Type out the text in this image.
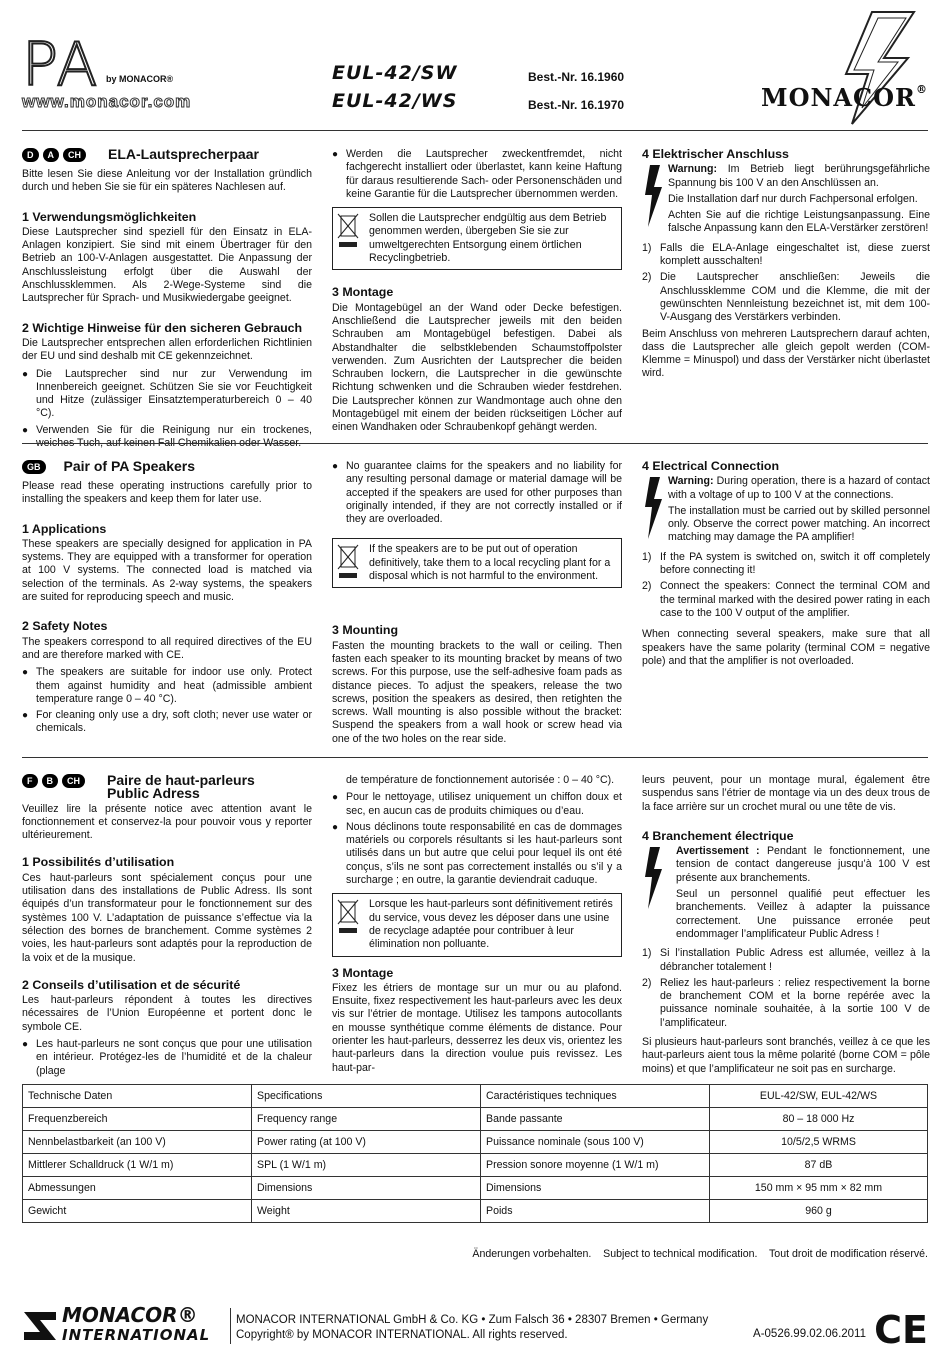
PA by MONACOR®
www.monacor.com
EUL-42/SW	Best.-Nr. 16.1960
EUL-42/WS	Best.-Nr. 16.1970	MONACOR®
D	A	CH	ELA-Lautsprecherpaar

Bitte lesen Sie diese Anleitung vor der Installation gründlich durch und heben Sie sie für ein späteres Nachlesen auf.

1 Verwendungsmöglichkeiten

Diese Lautsprecher sind speziell für den Einsatz in ELA-Anlagen konzipiert. Sie sind mit einem Übertrager für den Betrieb an 100-V-Anlagen ausgestattet. Die Anpassung der Anschlussleistung erfolgt über die Auswahl der Anschlussklemmen. Als 2-Wege-Systeme sind die Lautsprecher für Sprach- und Musikwiedergabe geeignet.

2 Wichtige Hinweise für den sicheren Gebrauch

Die Lautsprecher entsprechen allen erforderlichen Richtlinien der EU und sind deshalb mit CE gekennzeichnet.

● Die Lautsprecher sind nur zur Verwendung im Innenbereich geeignet. Schützen Sie sie vor Feuchtigkeit und Hitze (zulässiger Einsatztemperaturbereich 0 – 40 °C).
● Verwenden Sie für die Reinigung nur ein trockenes, weiches Tuch, auf keinen Fall Chemikalien oder Wasser.
● Werden die Lautsprecher zweckentfremdet, nicht fachgerecht installiert oder überlastet, kann keine Haftung für daraus resultierende Sach- oder Personenschäden und keine Garantie für die Lautsprecher übernommen werden.
Sollen die Lautsprecher endgültig aus dem Betrieb genommen werden, übergeben Sie sie zur umweltgerechten Entsorgung einem örtlichen Recyclingbetrieb.
3 Montage

Die Montagebügel an der Wand oder Decke befestigen. Anschließend die Lautsprecher jeweils mit den beiden Schrauben am Montagebügel befestigen. Dabei als Abstandhalter die selbstklebenden Schaumstoffpolster verwenden. Zum Ausrichten der Lautsprecher die beiden Schrauben lockern, die Lautsprecher in die gewünschte Richtung schwenken und die Schrauben wieder festdrehen. Die Lautsprecher können zur Wandmontage auch ohne den Montagebügel mit einem der beiden rückseitigen Löcher auf einen Wandhaken oder Schraubenkopf gehängt werden.

4 Elektrischer Anschluss

Warnung: Im Betrieb liegt berührungsgefährliche Spannung bis 100 V an den Anschlüssen an.

Die Installation darf nur durch Fachpersonal erfolgen.

Achten Sie auf die richtige Leistungsanpassung. Eine falsche Anpassung kann den ELA-Verstärker zerstören!

1) Falls die ELA-Anlage eingeschaltet ist, diese zuerst komplett ausschalten!
2) Die Lautsprecher anschließen: Jeweils die Anschlussklemme COM und die Klemme, die mit der gewünschten Nennleistung bezeichnet ist, mit dem 100-V-Ausgang des Verstärkers verbinden.

Beim Anschluss von mehreren Lautsprechern darauf achten, dass die Lautsprecher alle gleich gepolt werden (COM-Klemme = Minuspol) und dass der Verstärker nicht überlastet wird.

GB	Pair of PA Speakers

Please read these operating instructions carefully prior to installing the speakers and keep them for later use.

1 Applications

These speakers are specially designed for application in PA systems. They are equipped with a transformer for operation at 100 V systems. The connected load is matched via selection of the terminals. As 2-way systems, the speakers are suited for reproducing speech and music.

2 Safety Notes

The speakers correspond to all required directives of the EU and are therefore marked with CE.

● The speakers are suitable for indoor use only. Protect them against humidity and heat (admissible ambient temperature range 0 – 40 °C).
● For cleaning only use a dry, soft cloth; never use water or chemicals.
● No guarantee claims for the speakers and no liability for any resulting personal damage or material damage will be accepted if the speakers are used for other purposes than originally intended, if they are not correctly installed or if they are overloaded.
If the speakers are to be put out of operation definitively, take them to a local recycling plant for a disposal which is not harmful to the environment.
3 Mounting

Fasten the mounting brackets to the wall or ceiling. Then fasten each speaker to its mounting bracket by means of two screws. For this purpose, use the self-adhesive foam pads as distance pieces. To adjust the speakers, release the two screws, position the speakers as desired, then retighten the screws. Wall mounting is also possible without the bracket: Suspend the speakers from a wall hook or screw head via one of the two holes on the rear side.

4 Electrical Connection

Warning: During operation, there is a hazard of contact with a voltage of up to 100 V at the connections.

The installation must be carried out by skilled personnel only. Observe the correct power matching. An incorrect matching may damage the PA amplifier!

1) If the PA system is switched on, switch it off completely before connecting it!
2) Connect the speakers: Connect the terminal COM and the terminal marked with the desired power rating in each case to the 100 V output of the amplifier.

When connecting several speakers, make sure that all speakers have the same polarity (terminal COM = negative pole) and that the amplifier is not overloaded.

F	B	CH	Paire de haut-parleurs
Public Adress

Veuillez lire la présente notice avec attention avant le fonctionnement et conservez-la pour pouvoir vous y reporter ultérieurement.

1 Possibilités d’utilisation

Ces haut-parleurs sont spécialement conçus pour une utilisation dans des installations de Public Adress. Ils sont équipés d’un transformateur pour le fonctionnement sur des systèmes 100 V. L’adaptation de puissance s’effectue via la sélection des bornes de branchement. Comme systèmes 2 voies, les haut-parleurs sont adaptés pour la reproduction de la voix et de la musique.

2 Conseils d’utilisation et de sécurité

Les haut-parleurs répondent à toutes les directives nécessaires de l’Union Européenne et portent donc le symbole CE.

● Les haut-parleurs ne sont conçus que pour une utilisation en intérieur. Protégez-les de l’humidité et de la chaleur (plage

de température de fonctionnement autorisée : 0 – 40 °C).

● Pour le nettoyage, utilisez uniquement un chiffon doux et sec, en aucun cas de produits chimiques ou d’eau.
● Nous déclinons toute responsabilité en cas de dommages matériels ou corporels résultants si les haut-parleurs sont utilisés dans un but autre que celui pour lequel ils ont été conçus, s’ils ne sont pas correctement installés ou s’il y a surcharge ; en outre, la garantie deviendrait caduque.
Lorsque les haut-parleurs sont définitivement retirés du service, vous devez les déposer dans une usine de recyclage adaptée pour contribuer à leur élimination non polluante.
3 Montage

Fixez les étriers de montage sur un mur ou au plafond. Ensuite, fixez respectivement les haut-parleurs avec les deux vis sur l’étrier de montage. Utilisez les tampons autocollants en mousse synthétique comme éléments de distance. Pour orienter les haut-parleurs, desserrez les deux vis, orientez les haut-parleurs dans la direction voulue puis revissez. Les haut-par-

leurs peuvent, pour un montage mural, également être suspendus sans l’étrier de montage via un des deux trous de la face arrière sur un crochet mural ou une tête de vis.

4 Branchement électrique

Avertissement : Pendant le fonctionnement, une tension de contact dangereuse jusqu’à 100 V est présente aux branchements.

Seul un personnel qualifié peut effectuer les branchements. Veillez à adapter la puissance correctement. Une puissance erronée peut endommager l’amplificateur Public Adress !

1) Si l’installation Public Adress est allumée, veillez à la débrancher totalement !
2) Reliez les haut-parleurs : reliez respectivement la borne de branchement COM et la borne repérée avec la puissance nominale souhaitée, à la sortie 100 V de l’amplificateur.

Si plusieurs haut-parleurs sont branchés, veillez à ce que les haut-parleurs aient tous la même polarité (borne COM = pôle moins) et que l’amplificateur ne soit pas en surcharge.

Technische Daten	Specifications	Caractéristiques techniques	EUL-42/SW, EUL-42/WS
Frequenzbereich	Frequency range	Bande passante	80 – 18 000 Hz
Nennbelastbarkeit (an 100 V)	Power rating (at 100 V)	Puissance nominale (sous 100 V)	10/5/2,5 WRMS
Mittlerer Schalldruck (1 W/1 m)	SPL (1 W/1 m)	Pression sonore moyenne (1 W/1 m)	87 dB
Abmessungen	Dimensions	Dimensions	150 mm × 95 mm × 82 mm
Gewicht	Weight	Poids	960 g
Änderungen vorbehalten.    Subject to technical modification.    Tout droit de modification réservé.
MONACOR®
INTERNATIONAL
MONACOR INTERNATIONAL GmbH & Co. KG • Zum Falsch 36 • 28307 Bremen • Germany
Copyright® by MONACOR INTERNATIONAL. All rights reserved.	A-0526.99.02.06.2011 CE
